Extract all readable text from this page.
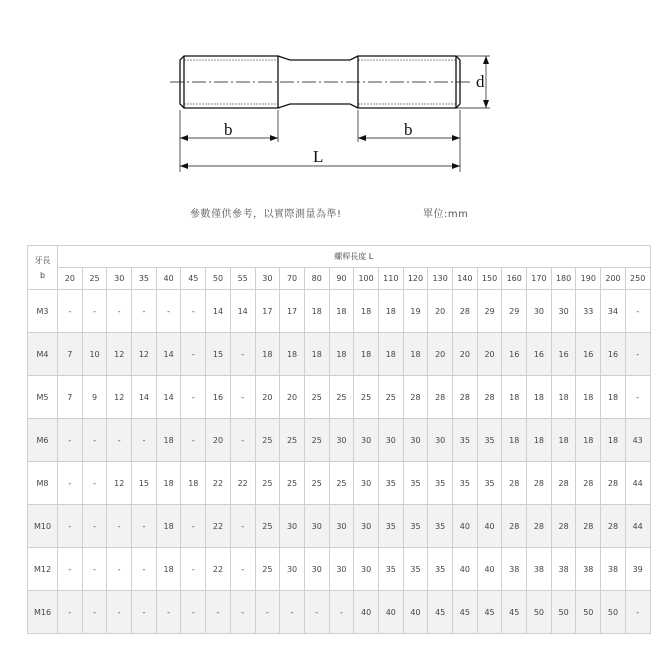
d
b	b
L
參數僅供參考，以實際測量為準!	單位:mm
牙長
b	螺桿長度 L																							
	20	25	30	35	40	45	50	55	30	70	80	90	100	110	120	130	140	150	160	170	180	190	200	250
M3	-	-	-	-	-	-	14	14	17	17	18	18	18	18	19	20	28	29	29	30	30	33	34	-
M4	7	10	12	12	14	-	15	-	18	18	18	18	18	18	18	20	20	20	16	16	16	16	16	-
M5	7	9	12	14	14	-	16	-	20	20	25	25	25	25	28	28	28	28	18	18	18	18	18	-
M6	-	-	-	-	18	-	20	-	25	25	25	30	30	30	30	30	35	35	18	18	18	18	18	43
M8	-	-	12	15	18	18	22	22	25	25	25	25	30	35	35	35	35	35	28	28	28	28	28	44
M10	-	-	-	-	18	-	22	-	25	30	30	30	30	35	35	35	40	40	28	28	28	28	28	44
M12	-	-	-	-	18	-	22	-	25	30	30	30	30	35	35	35	40	40	38	38	38	38	38	39
M16	-	-	-	-	-	-	-	-	-	-	-	-	40	40	40	45	45	45	45	50	50	50	50	-
